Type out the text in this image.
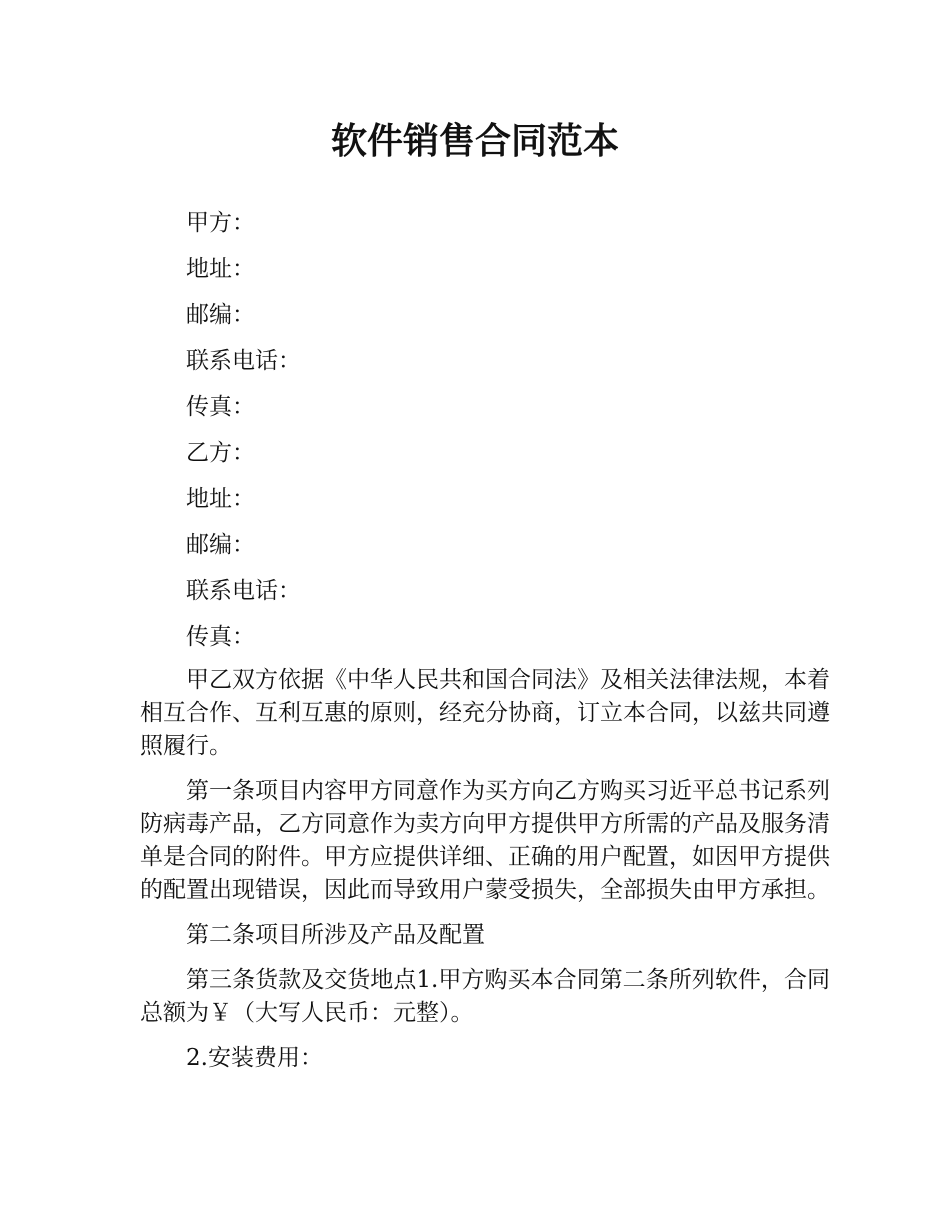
软件销售合同范本

甲方：

地址：

邮编：

联系电话：

传真：

乙方：

地址：

邮编：

联系电话：

传真：

甲乙双方依据《中华人民共和国合同法》及相关法律法规，本着相互合作、互利互惠的原则，经充分协商，订立本合同，以兹共同遵照履行。

第一条项目内容甲方同意作为买方向乙方购买习近平总书记系列防病毒产品，乙方同意作为卖方向甲方提供甲方所需的产品及服务清单是合同的附件。甲方应提供详细、正确的用户配置，如因甲方提供的配置出现错误，因此而导致用户蒙受损失，全部损失由甲方承担。

第二条项目所涉及产品及配置

第三条货款及交货地点1.甲方购买本合同第二条所列软件，合同总额为￥（大写人民币：元整）。

2.安装费用：
